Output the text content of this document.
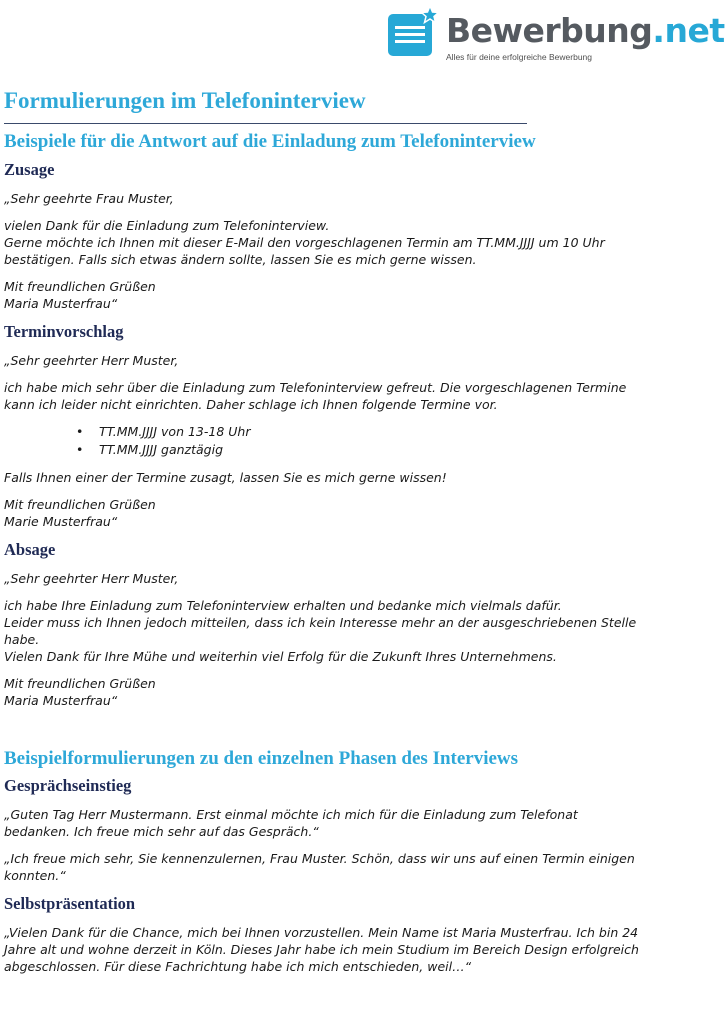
Bewerbung.net
Alles für deine erfolgreiche Bewerbung
Formulierungen im Telefoninterview
Beispiele für die Antwort auf die Einladung zum Telefoninterview
Zusage

„Sehr geehrte Frau Muster,

vielen Dank für die Einladung zum Telefoninterview.
Gerne möchte ich Ihnen mit dieser E-Mail den vorgeschlagenen Termin am TT.MM.JJJJ um 10 Uhr bestätigen. Falls sich etwas ändern sollte, lassen Sie es mich gerne wissen.

Mit freundlichen Grüßen
Maria Musterfrau“

Terminvorschlag

„Sehr geehrter Herr Muster,

ich habe mich sehr über die Einladung zum Telefoninterview gefreut. Die vorgeschlagenen Termine kann ich leider nicht einrichten. Daher schlage ich Ihnen folgende Termine vor.

• TT.MM.JJJJ von 13-18 Uhr
• TT.MM.JJJJ ganztägig

Falls Ihnen einer der Termine zusagt, lassen Sie es mich gerne wissen!

Mit freundlichen Grüßen
Marie Musterfrau“

Absage

„Sehr geehrter Herr Muster,

ich habe Ihre Einladung zum Telefoninterview erhalten und bedanke mich vielmals dafür.
Leider muss ich Ihnen jedoch mitteilen, dass ich kein Interesse mehr an der ausgeschriebenen Stelle habe.
Vielen Dank für Ihre Mühe und weiterhin viel Erfolg für die Zukunft Ihres Unternehmens.

Mit freundlichen Grüßen
Maria Musterfrau“

Beispielformulierungen zu den einzelnen Phasen des Interviews
Gesprächseinstieg

„Guten Tag Herr Mustermann. Erst einmal möchte ich mich für die Einladung zum Telefonat bedanken. Ich freue mich sehr auf das Gespräch.“

„Ich freue mich sehr, Sie kennenzulernen, Frau Muster. Schön, dass wir uns auf einen Termin einigen konnten.“

Selbstpräsentation

„Vielen Dank für die Chance, mich bei Ihnen vorzustellen. Mein Name ist Maria Musterfrau. Ich bin 24 Jahre alt und wohne derzeit in Köln. Dieses Jahr habe ich mein Studium im Bereich Design erfolgreich abgeschlossen. Für diese Fachrichtung habe ich mich entschieden, weil…“
